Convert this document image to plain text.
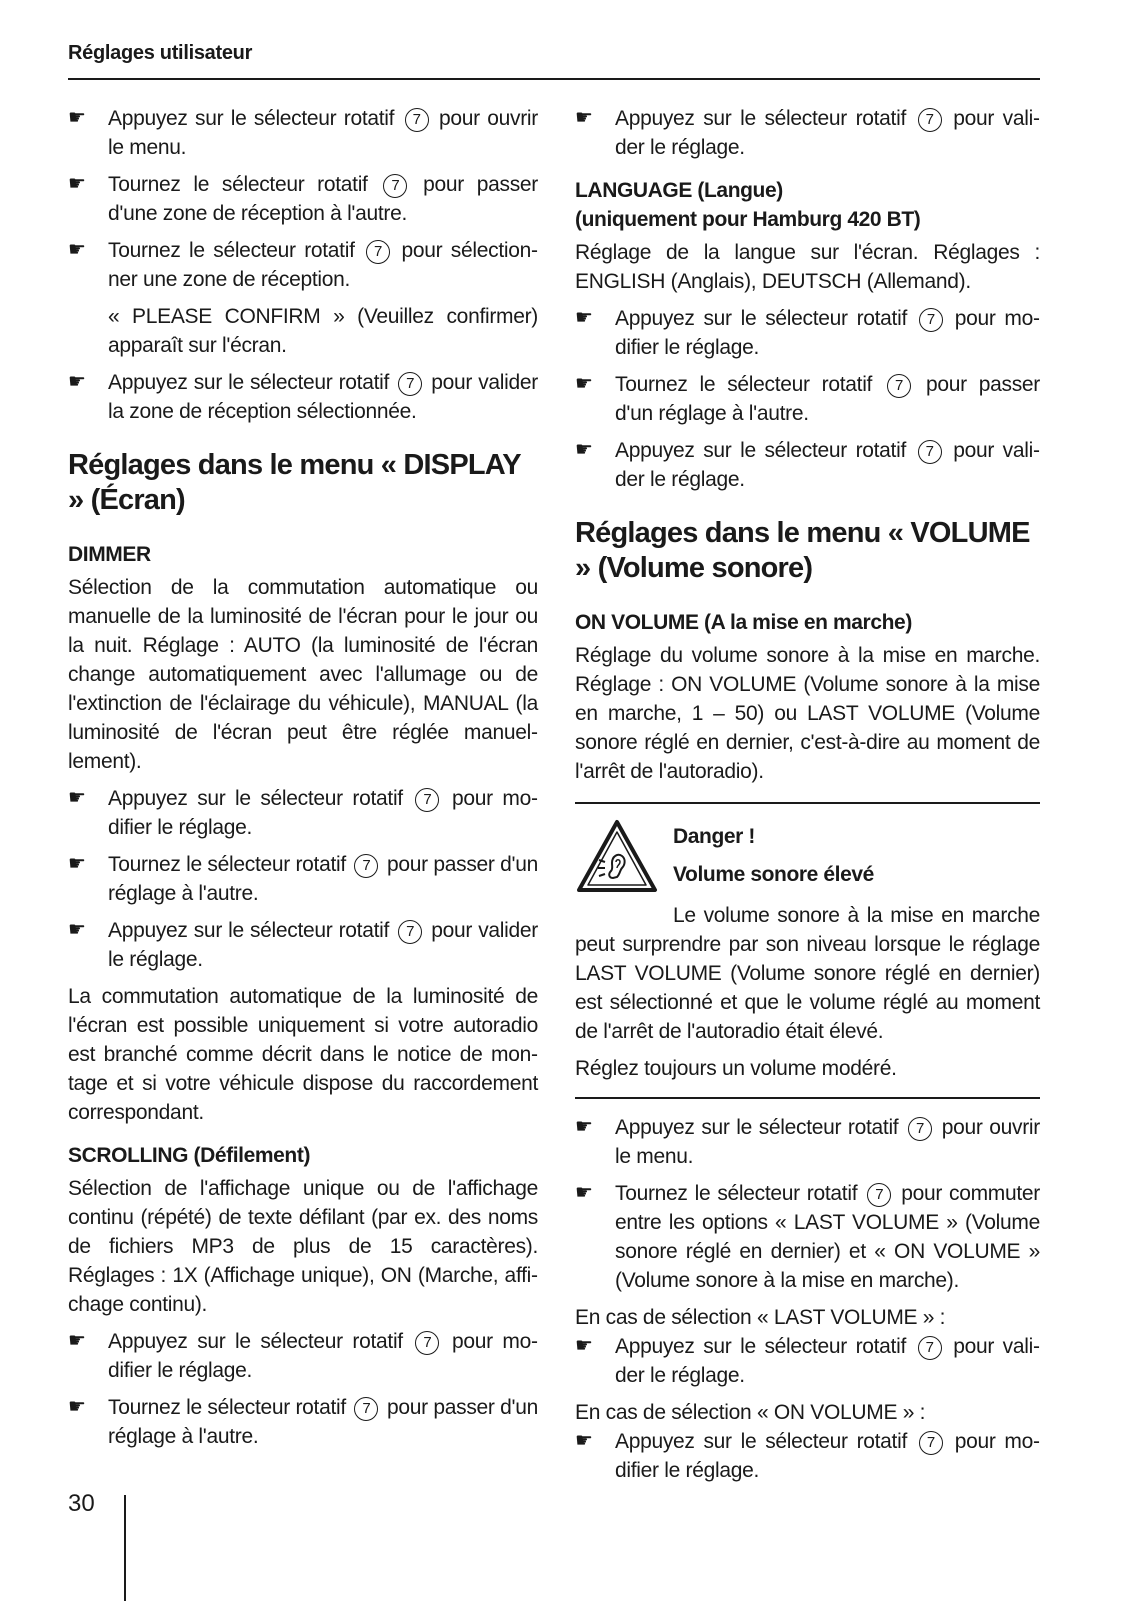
Réglages utilisateur
☛	Appuyez sur le sélecteur rotatif 7 pour ouvrir le menu.
☛	Tournez le sélecteur rotatif 7 pour passer d'une zone de réception à l'autre.
☛	Tournez le sélecteur rotatif 7 pour sélectionner une zone de réception.

« PLEASE CONFIRM » (Veuillez confirmer) apparaît sur l'écran.

☛	Appuyez sur le sélecteur rotatif 7 pour valider la zone de réception sélectionnée.
Réglages dans le menu « DISPLAY » (Écran)
DIMMER

Sélection de la commutation automatique ou manuelle de la luminosité de l'écran pour le jour ou la nuit. Réglage : AUTO (la luminosité de l'écran change automatiquement avec l'allumage ou de l'extinction de l'éclairage du véhicule), MANUAL (la luminosité de l'écran peut être réglée manuellement).

☛	Appuyez sur le sélecteur rotatif 7 pour modifier le réglage.
☛	Tournez le sélecteur rotatif 7 pour passer d'un réglage à l'autre.
☛	Appuyez sur le sélecteur rotatif 7 pour valider le réglage.

La commutation automatique de la luminosité de l'écran est possible uniquement si votre autoradio est branché comme décrit dans le notice de montage et si votre véhicule dispose du raccordement correspondant.

SCROLLING (Défilement)

Sélection de l'affichage unique ou de l'affichage continu (répété) de texte défilant (par ex. des noms de fichiers MP3 de plus de 15 caractères). Réglages : 1X (Affichage unique), ON (Marche, affichage continu).

☛	Appuyez sur le sélecteur rotatif 7 pour modifier le réglage.
☛	Tournez le sélecteur rotatif 7 pour passer d'un réglage à l'autre.
☛	Appuyez sur le sélecteur rotatif 7 pour valider le réglage.
LANGUAGE (Langue)
(uniquement pour Hamburg 420 BT)

Réglage de la langue sur l'écran. Réglages : ENGLISH (Anglais), DEUTSCH (Allemand).

☛	Appuyez sur le sélecteur rotatif 7 pour modifier le réglage.
☛	Tournez le sélecteur rotatif 7 pour passer d'un réglage à l'autre.
☛	Appuyez sur le sélecteur rotatif 7 pour valider le réglage.
Réglages dans le menu « VOLUME » (Volume sonore)
ON VOLUME (A la mise en marche)

Réglage du volume sonore à la mise en marche. Réglage : ON VOLUME (Volume sonore à la mise en marche, 1 – 50) ou LAST VOLUME (Volume sonore réglé en dernier, c'est-à-dire au moment de l'arrêt de l'autoradio).

Danger !
Volume sonore élevé

Le volume sonore à la mise en marche peut surprendre par son niveau lorsque le réglage LAST VOLUME (Volume sonore réglé en dernier) est sélectionné et que le volume réglé au moment de l'arrêt de l'autoradio était élevé.

Réglez toujours un volume modéré.

☛	Appuyez sur le sélecteur rotatif 7 pour ouvrir le menu.
☛	Tournez le sélecteur rotatif 7 pour commuter entre les options « LAST VOLUME » (Volume sonore réglé en dernier) et « ON VOLUME » (Volume sonore à la mise en marche).

En cas de sélection « LAST VOLUME » :

☛	Appuyez sur le sélecteur rotatif 7 pour valider le réglage.

En cas de sélection « ON VOLUME » :

☛	Appuyez sur le sélecteur rotatif 7 pour modifier le réglage.
30
